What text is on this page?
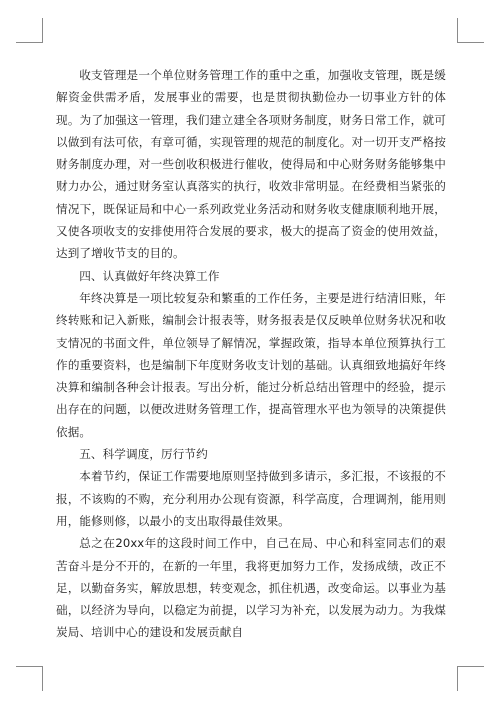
收支管理是一个单位财务管理工作的重中之重，加强收支管理，既是缓解资金供需矛盾，发展事业的需要，也是贯彻执勤俭办一切事业方针的体现。为了加强这一管理，我们建立建全各项财务制度，财务日常工作，就可以做到有法可依，有章可循，实现管理的规范的制度化。对一切开支严格按财务制度办理，对一些创收积极进行催收，使得局和中心财务财务能够集中财力办公，通过财务室认真落实的执行，收效非常明显。在经费相当紧张的情况下，既保证局和中心一系列政党业务活动和财务收支健康顺利地开展，又使各项收支的安排使用符合发展的要求，极大的提高了资金的使用效益，达到了增收节支的目的。

四、认真做好年终决算工作

年终决算是一项比较复杂和繁重的工作任务，主要是进行结清旧账，年终转账和记入新账，编制会计报表等，财务报表是仅反映单位财务状况和收支情况的书面文件，单位领导了解情况，掌握政策，指导本单位预算执行工作的重要资料，也是编制下年度财务收支计划的基础。认真细致地搞好年终决算和编制各种会计报表。写出分析，能过分析总结出管理中的经验，提示出存在的问题，以便改进财务管理工作，提高管理水平也为领导的决策提供依据。

五、科学调度，厉行节约

本着节约，保证工作需要地原则坚持做到多请示，多汇报，不该报的不报，不该购的不购，充分利用办公现有资源，科学高度，合理调剂，能用则用，能修则修，以最小的支出取得最佳效果。

总之在20xx年的这段时间工作中，自己在局、中心和科室同志们的艰苦奋斗是分不开的，在新的一年里，我将更加努力工作，发扬成绩，改正不足，以勤奋务实，解放思想，转变观念，抓住机遇，改变命运。以事业为基础，以经济为导向，以稳定为前提，以学习为补充，以发展为动力。为我煤炭局、培训中心的建设和发展贡献自
